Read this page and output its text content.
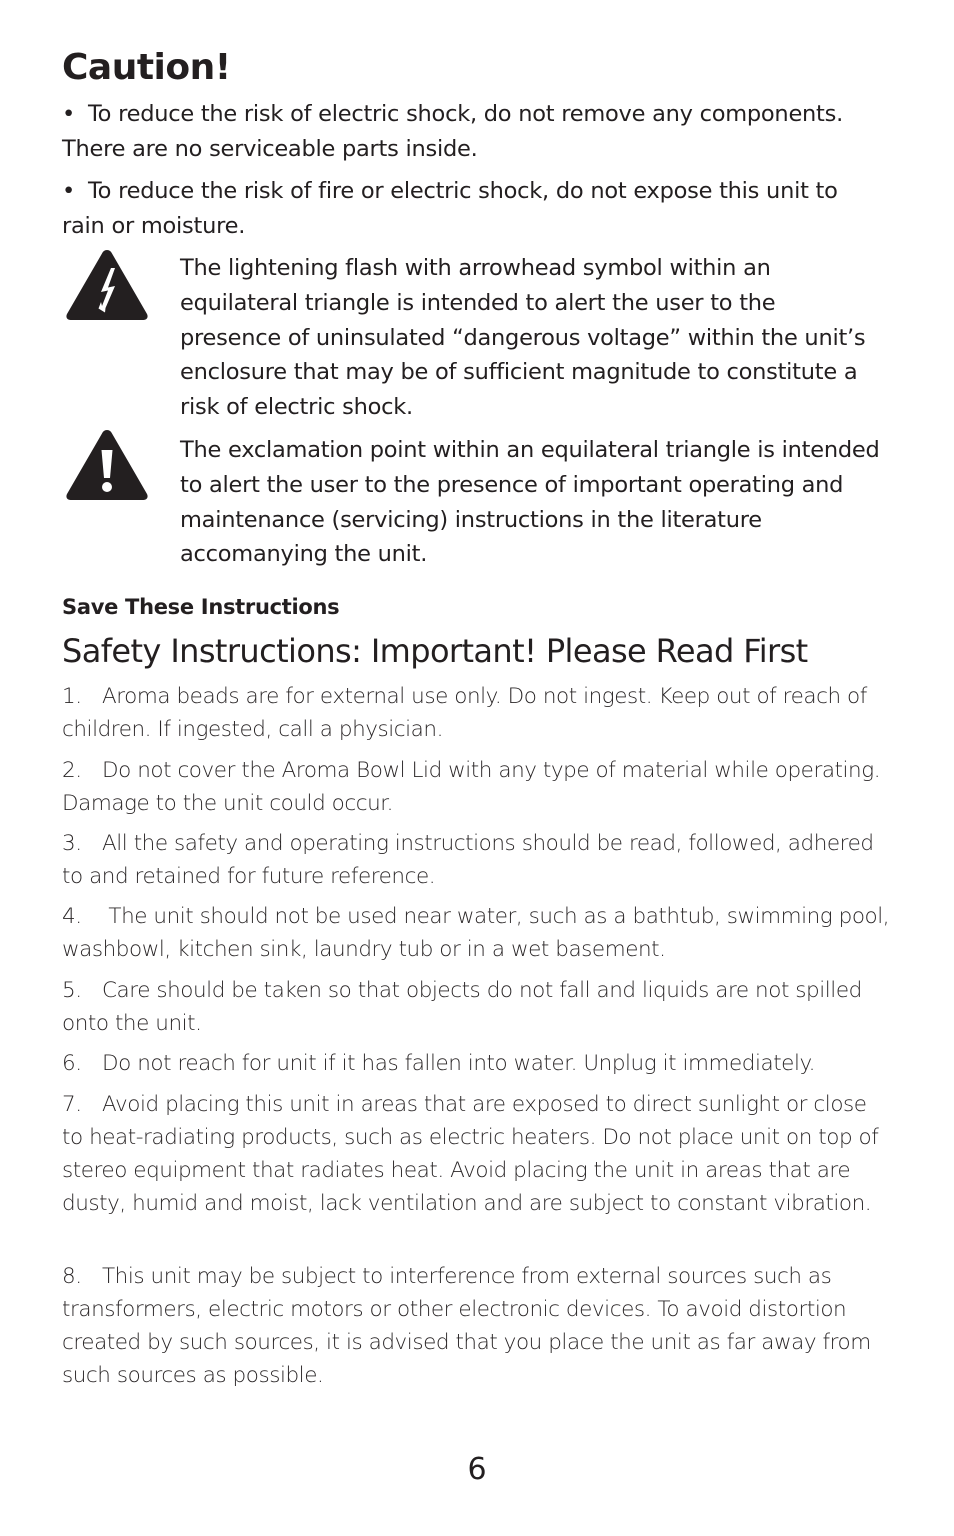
Caution!

• To reduce the risk of electric shock, do not remove any components. There are no serviceable parts inside.

• To reduce the risk of fire or electric shock, do not expose this unit to rain or moisture.

The lightening flash with arrowhead symbol within an equilateral triangle is intended to alert the user to the presence of uninsulated “dangerous voltage” within the unit’s enclosure that may be of sufficient magnitude to constitute a risk of electric shock.

The exclamation point within an equilateral triangle is intended to alert the user to the presence of important operating and maintenance (servicing) instructions in the literature accomanying the unit.

Save These Instructions
Safety Instructions: Important! Please Read First
1. Aroma beads are for external use only. Do not ingest. Keep out of reach of children. If ingested, call a physician.
2. Do not cover the Aroma Bowl Lid with any type of material while operating. Damage to the unit could occur.
3. All the safety and operating instructions should be read, followed, adhered to and retained for future reference.
4. The unit should not be used near water, such as a bathtub, swimming pool, washbowl, kitchen sink, laundry tub or in a wet basement.
5. Care should be taken so that objects do not fall and liquids are not spilled onto the unit.
6. Do not reach for unit if it has fallen into water. Unplug it immediately.
7. Avoid placing this unit in areas that are exposed to direct sunlight or close to heat-radiating products, such as electric heaters. Do not place unit on top of stereo equipment that radiates heat. Avoid placing the unit in areas that are dusty, humid and moist, lack ventilation and are subject to constant vibration.
8. This unit may be subject to interference from external sources such as transformers, electric motors or other electronic devices. To avoid distortion created by such sources, it is advised that you place the unit as far away from such sources as possible.
6
